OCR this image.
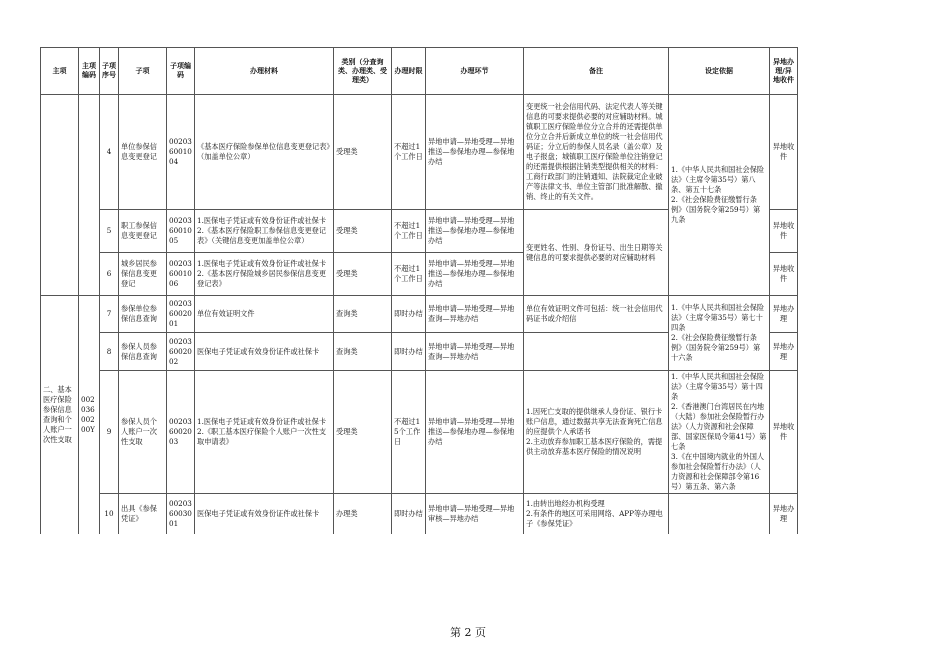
主项	主项编码	子项序号	子项	子项编码	办理材料	类别（分查询类、办理类、受理类）	办理时限	办理环节	备注	设定依据	异地办理/异地收件
		4	单位参保信息变更登记	002036001004	《基本医疗保险参保单位信息变更登记表》（加盖单位公章）	受理类	不超过1个工作日	异地申请—异地受理—异地推送—参保地办理—参保地办结	变更统一社会信用代码、法定代表人等关键信息的可要求提供必要的对应辅助材料。城镇职工医疗保险单位分立合并的还需提供单位分立合并后新成立单位的统一社会信用代码证；分立后的参保人员名录（盖公章）及电子报盘；城镇职工医疗保险单位注销登记的还需提供根据注销类型提供相关的材料：工商行政部门的注销通知、法院裁定企业破产等法律文书、单位主管部门批准解散、撤销、终止的有关文件。	1.《中华人民共和国社会保险法》（主席令第35号）第八条、第五十七条
2.《社会保险费征缴暂行条例》（国务院令第259号）第九条	异地收件
		5	职工参保信息变更登记	002036001005	1.医保电子凭证或有效身份证件或社保卡
2.《基本医疗保险职工参保信息变更登记表》（关键信息变更加盖单位公章）	受理类	不超过1个工作日	异地申请—异地受理—异地推送—参保地办理—参保地办结	变更姓名、性别、身份证号、出生日期等关键信息的可要求提供必要的对应辅助材料		异地收件
		6	城乡居民参保信息变更登记	002036001006	1.医保电子凭证或有效身份证件或社保卡
2.《基本医疗保险城乡居民参保信息变更登记表》	受理类	不超过1个工作日	异地申请—异地受理—异地推送—参保地办理—参保地办结			异地收件
二、基本医疗保险参保信息查询和个人账户一次性支取	00203600200Y	7	参保单位参保信息查询	002036002001	单位有效证明文件	查询类	即时办结	异地申请—异地受理—异地查询—异地办结	单位有效证明文件可包括：统一社会信用代码证书或介绍信	1.《中华人民共和国社会保险法》（主席令第35号）第七十四条
2.《社会保险费征缴暂行条例》（国务院令第259号）第十六条	异地办理
		8	参保人员参保信息查询	002036002002	医保电子凭证或有效身份证件或社保卡	查询类	即时办结	异地申请—异地受理—异地查询—异地办结			异地办理
		9	参保人员个人账户一次性支取	002036002003	1.医保电子凭证或有效身份证件或社保卡
2.《职工基本医疗保险个人账户一次性支取申请表》	受理类	不超过15个工作日	异地申请—异地受理—异地推送—参保地办理—参保地办结	1.因死亡支取的提供继承人身份证、银行卡账户信息，通过数据共享无法查询死亡信息的应提供个人承诺书
2.主动放弃参加职工基本医疗保险的，需提供主动放弃基本医疗保险的情况说明	1.《中华人民共和国社会保险法》（主席令第35号）第十四条
2.《香港澳门台湾居民在内地（大陆）参加社会保险暂行办法》（人力资源和社会保障部、国家医保局令第41号）第七条
3.《在中国境内就业的外国人参加社会保险暂行办法》（人力资源和社会保障部令第16号）第五条、第六条	异地收件
		10	出具《参保凭证》	002036003001	医保电子凭证或有效身份证件或社保卡	办理类	即时办结	异地申请—异地受理—异地审核—异地办结	1.由转出地经办机构受理
2.有条件的地区可采用网络、APP等办理电子《参保凭证》		异地办理
第 2 页
